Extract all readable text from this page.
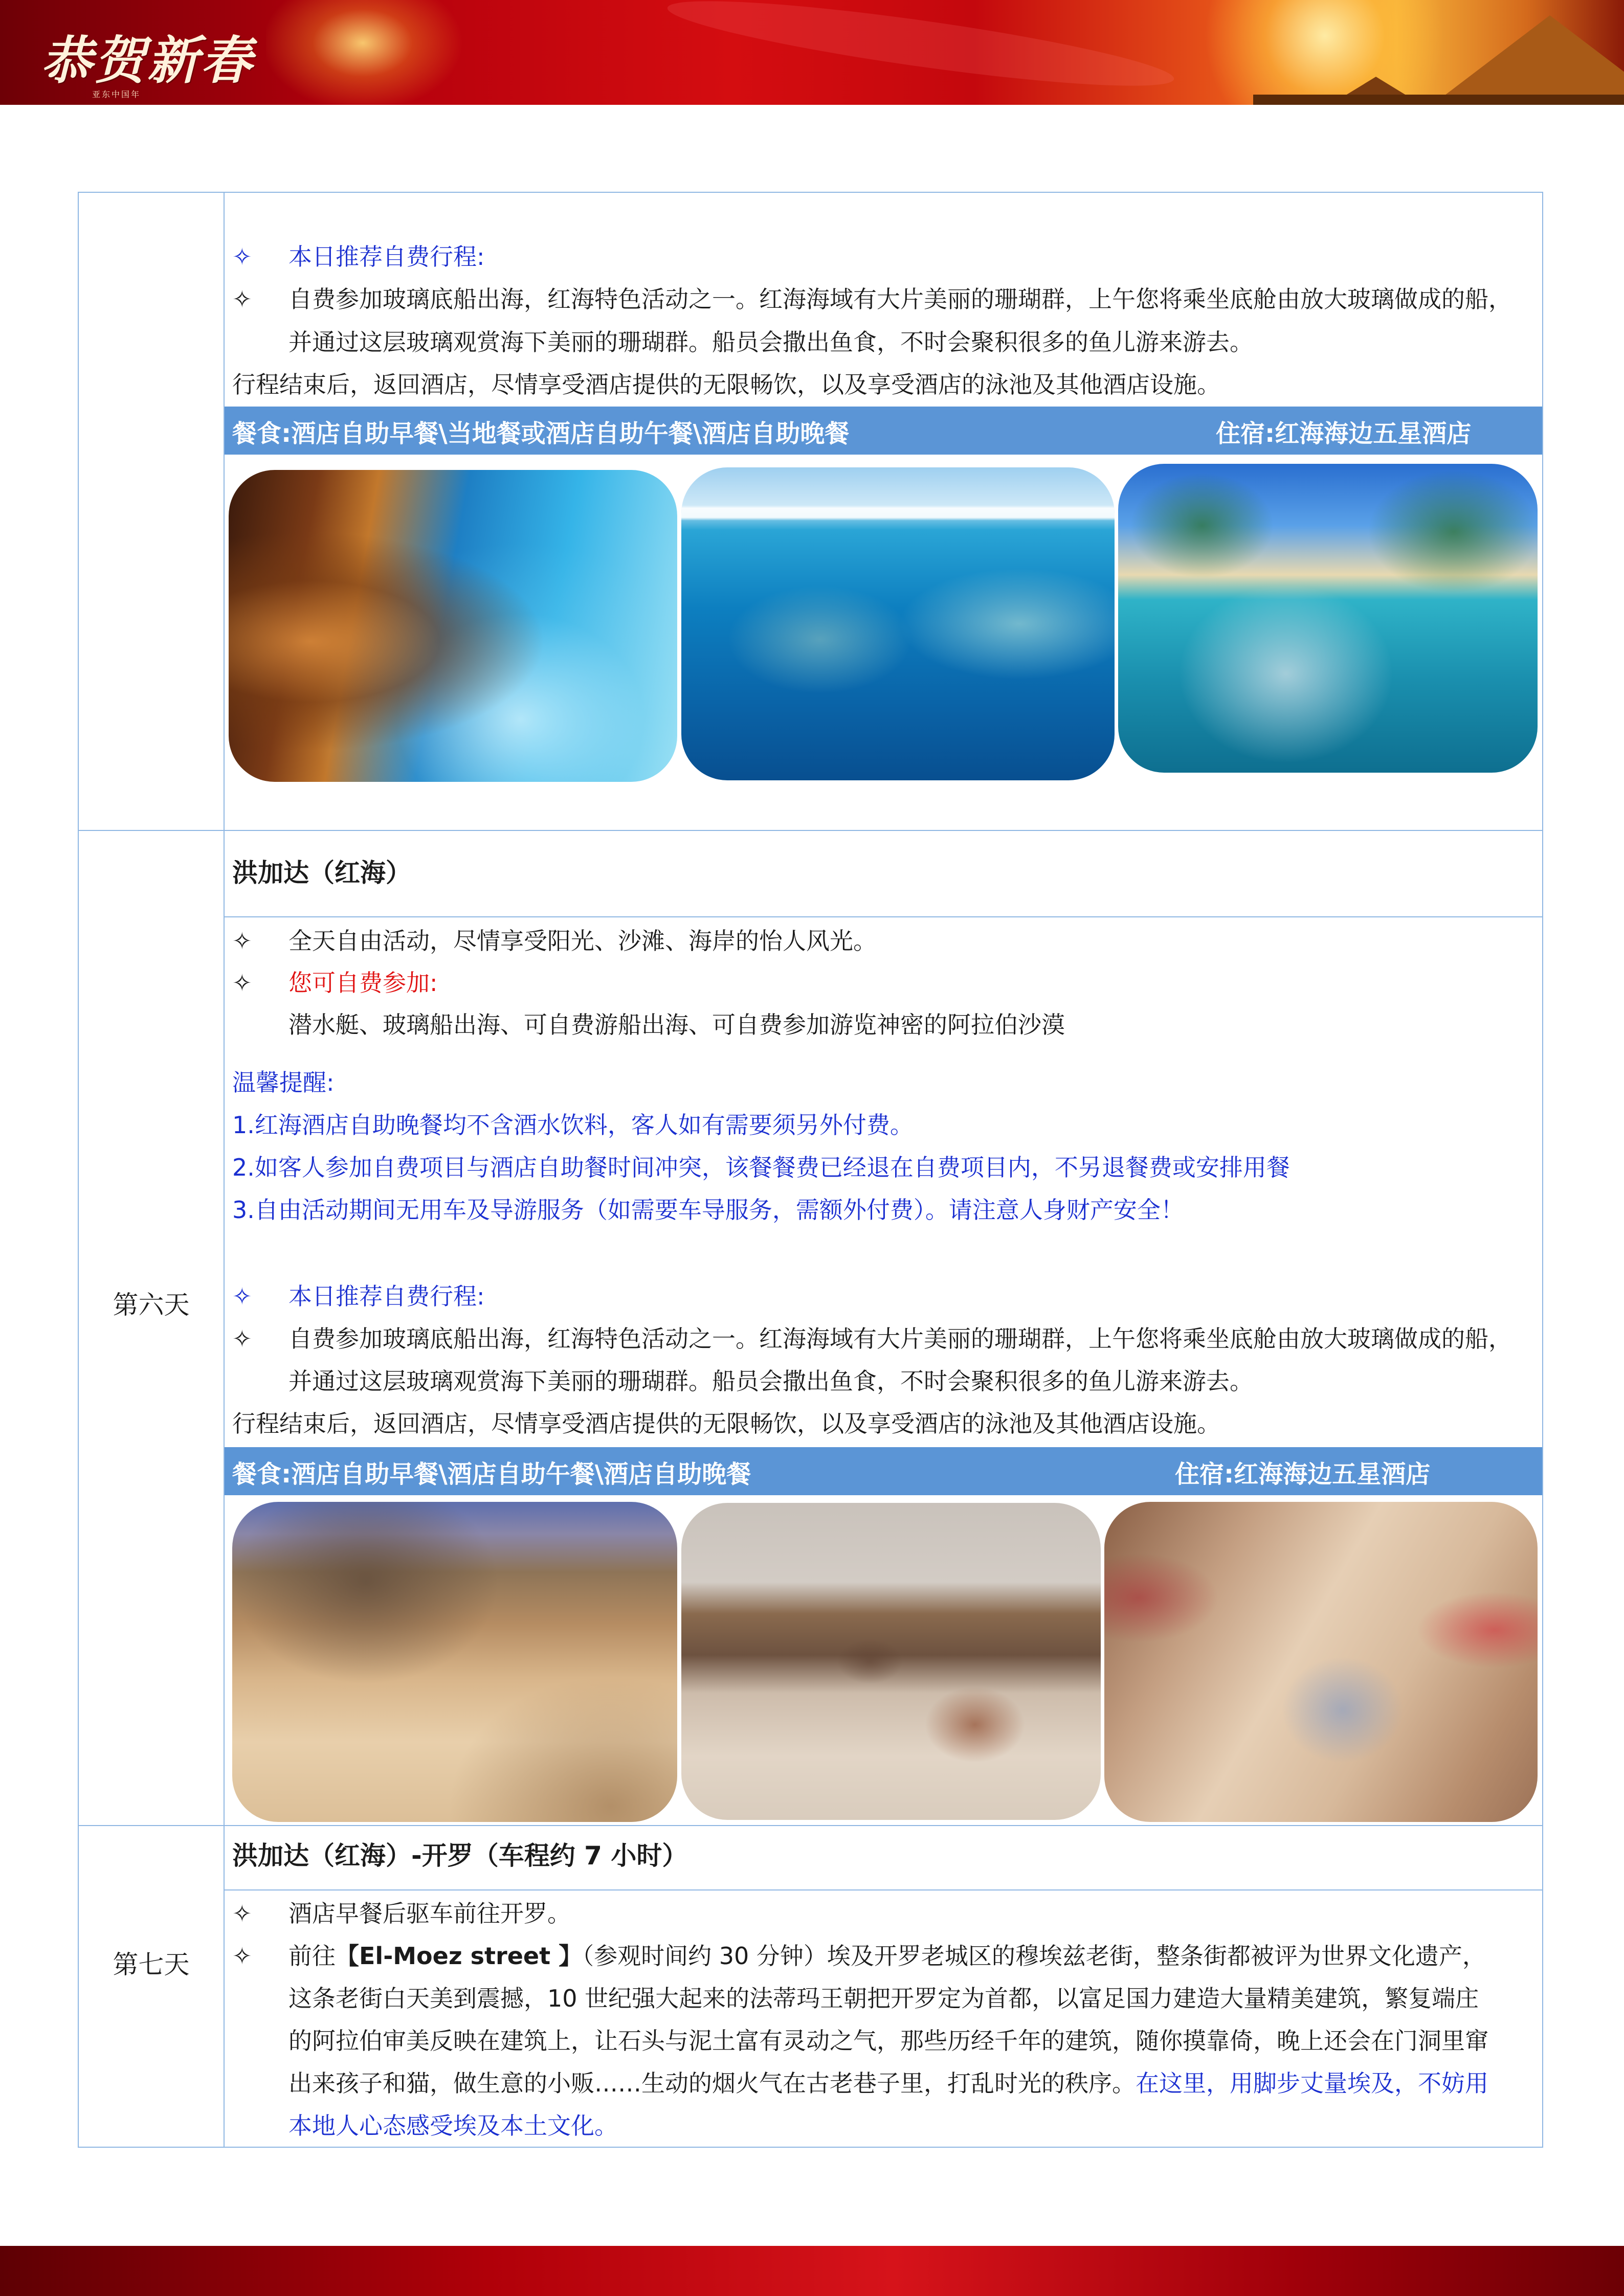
恭贺新春
亚东中国年
✧ 本日推荐自费行程:
✧ 自费参加玻璃底船出海，红海特色活动之一。红海海域有大片美丽的珊瑚群，上午您将乘坐底舱由放大玻璃做成的船，
并通过这层玻璃观赏海下美丽的珊瑚群。船员会撒出鱼食，不时会聚积很多的鱼儿游来游去。
行程结束后，返回酒店，尽情享受酒店提供的无限畅饮，以及享受酒店的泳池及其他酒店设施。
餐食:酒店自助早餐\当地餐或酒店自助午餐\酒店自助晚餐	住宿:红海海边五星酒店
第六天
洪加达（红海）
✧ 全天自由活动，尽情享受阳光、沙滩、海岸的怡人风光。
✧ 您可自费参加:
潜水艇、玻璃船出海、可自费游船出海、可自费参加游览神密的阿拉伯沙漠
温馨提醒:
1.红海酒店自助晚餐均不含酒水饮料，客人如有需要须另外付费。
2.如客人参加自费项目与酒店自助餐时间冲突，该餐餐费已经退在自费项目内，不另退餐费或安排用餐
3.自由活动期间无用车及导游服务（如需要车导服务，需额外付费）。请注意人身财产安全！
✧ 本日推荐自费行程:
✧ 自费参加玻璃底船出海，红海特色活动之一。红海海域有大片美丽的珊瑚群，上午您将乘坐底舱由放大玻璃做成的船，
并通过这层玻璃观赏海下美丽的珊瑚群。船员会撒出鱼食，不时会聚积很多的鱼儿游来游去。
行程结束后，返回酒店，尽情享受酒店提供的无限畅饮，以及享受酒店的泳池及其他酒店设施。
餐食:酒店自助早餐\酒店自助午餐\酒店自助晚餐	住宿:红海海边五星酒店
第七天
洪加达（红海）-开罗（车程约 7 小时）
✧ 酒店早餐后驱车前往开罗。
✧ 前往【El-Moez street 】（参观时间约 30 分钟）埃及开罗老城区的穆埃兹老街，整条街都被评为世界文化遗产，
这条老街白天美到震撼，10 世纪强大起来的法蒂玛王朝把开罗定为首都，以富足国力建造大量精美建筑，繁复端庄
的阿拉伯审美反映在建筑上，让石头与泥土富有灵动之气，那些历经千年的建筑，随你摸靠倚，晚上还会在门洞里窜
出来孩子和猫，做生意的小贩……生动的烟火气在古老巷子里，打乱时光的秩序。在这里，用脚步丈量埃及，不妨用
本地人心态感受埃及本土文化。
